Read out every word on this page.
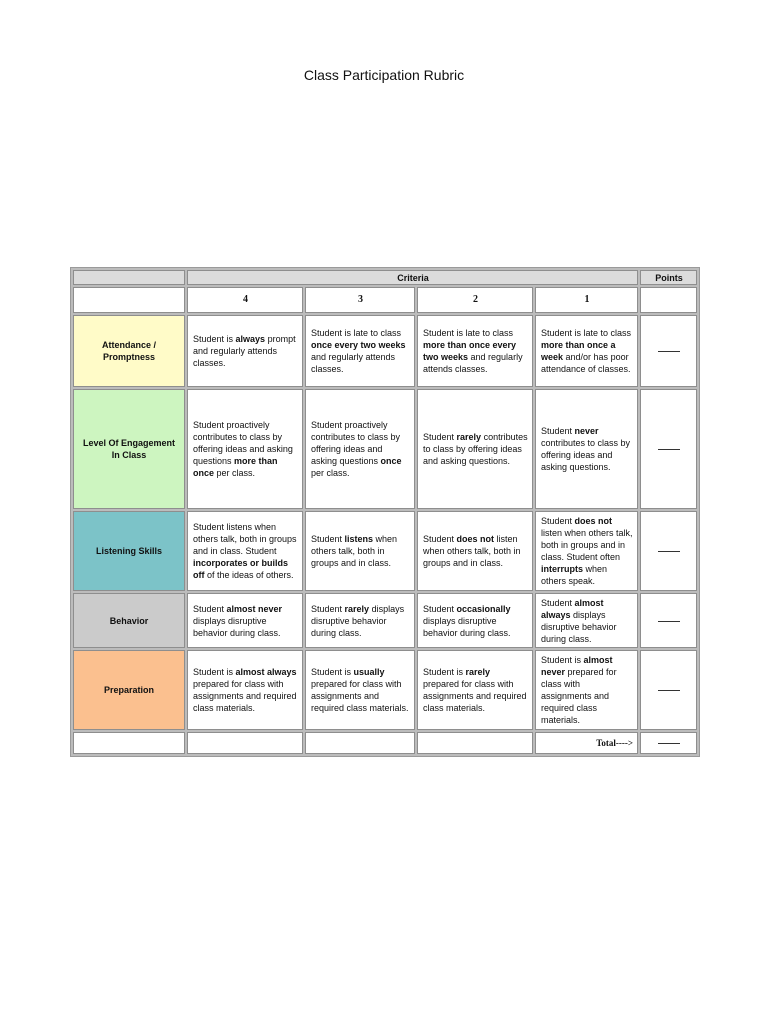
Class Participation Rubric
	Criteria				Points
	4	3	2	1	
Attendance / Promptness	Student is always prompt and regularly attends classes.	Student is late to class once every two weeks and regularly attends classes.	Student is late to class more than once every two weeks and regularly attends classes.	Student is late to class more than once a week and/or has poor attendance of classes.	
Level Of Engagement In Class	Student proactively contributes to class by offering ideas and asking questions more than once per class.	Student proactively contributes to class by offering ideas and asking questions once per class.	Student rarely contributes to class by offering ideas and asking questions.	Student never contributes to class by offering ideas and asking questions.	
Listening Skills	Student listens when others talk, both in groups and in class. Student incorporates or builds off of the ideas of others.	Student listens when others talk, both in groups and in class.	Student does not listen when others talk, both in groups and in class.	Student does not listen when others talk, both in groups and in class. Student often interrupts when others speak.	
Behavior	Student almost never displays disruptive behavior during class.	Student rarely displays disruptive behavior during class.	Student occasionally displays disruptive behavior during class.	Student almost always displays disruptive behavior during class.	
Preparation	Student is almost always prepared for class with assignments and required class materials.	Student is usually prepared for class with assignments and required class materials.	Student is rarely prepared for class with assignments and required class materials.	Student is almost never prepared for class with assignments and required class materials.	
				Total---->	
